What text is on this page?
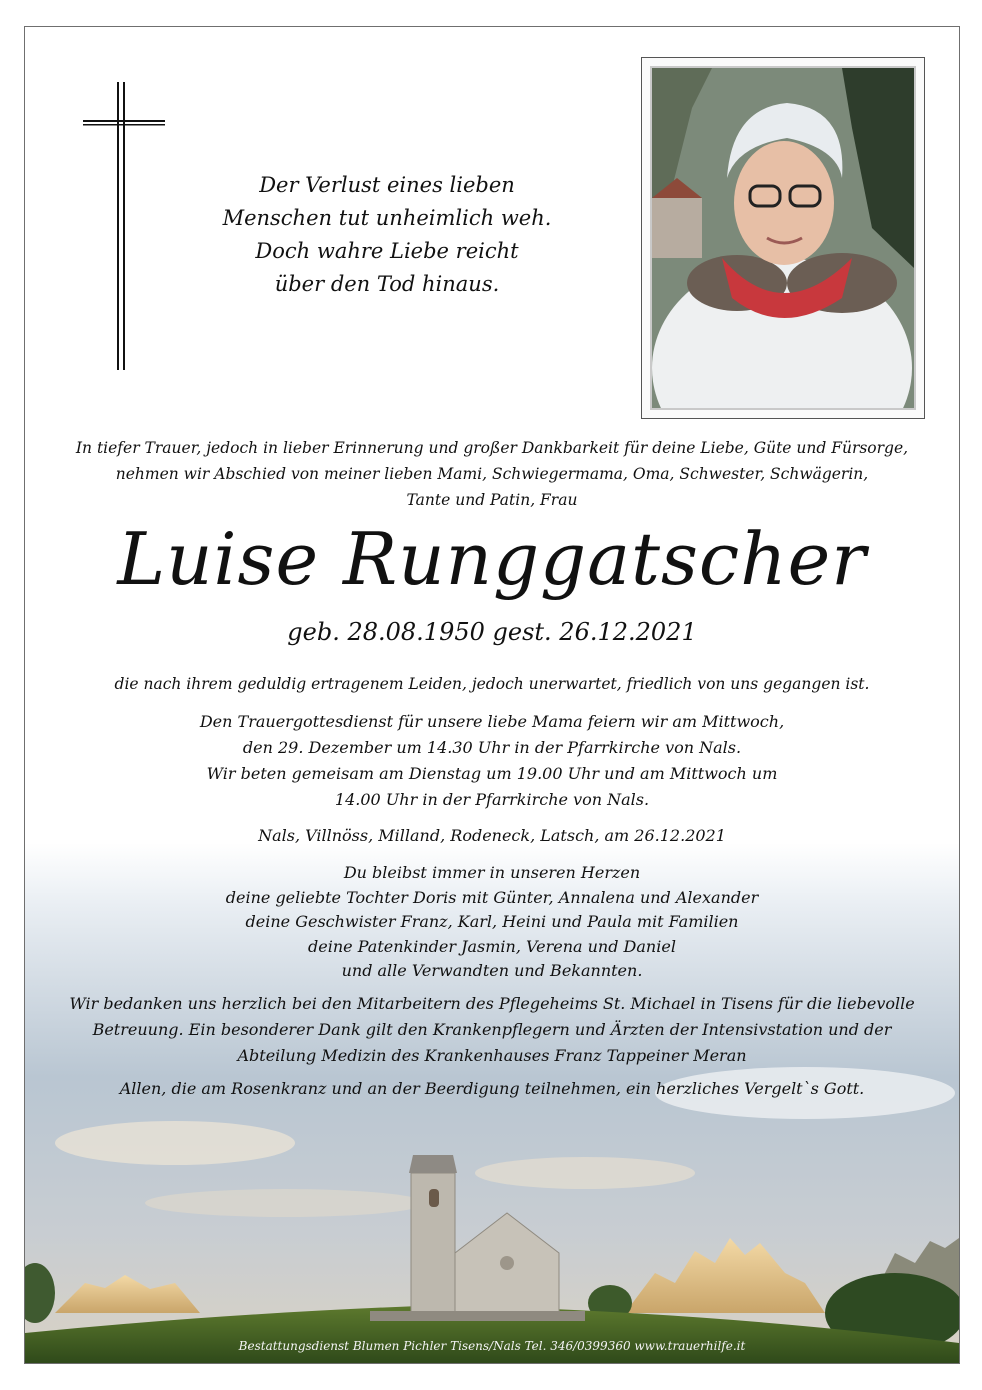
Der Verlust eines lieben
Menschen tut unheimlich weh.
Doch wahre Liebe reicht
über den Tod hinaus.
In tiefer Trauer, jedoch in lieber Erinnerung und großer Dankbarkeit für deine Liebe, Güte und Fürsorge,
nehmen wir Abschied von meiner lieben Mami, Schwiegermama, Oma, Schwester, Schwägerin,
Tante und Patin, Frau
Luise Runggatscher
geb. 28.08.1950 gest. 26.12.2021
die nach ihrem geduldig ertragenem Leiden, jedoch unerwartet, friedlich von uns gegangen ist.
Den Trauergottesdienst für unsere liebe Mama feiern wir am Mittwoch,
den 29. Dezember um 14.30 Uhr in der Pfarrkirche von Nals.
Wir beten gemeisam am Dienstag um 19.00 Uhr und am Mittwoch um
14.00 Uhr in der Pfarrkirche von Nals.
Nals, Villnöss, Milland, Rodeneck, Latsch, am 26.12.2021
Du bleibst immer in unseren Herzen
deine geliebte Tochter Doris mit Günter, Annalena und Alexander
deine Geschwister Franz, Karl, Heini und Paula mit Familien
deine Patenkinder Jasmin, Verena und Daniel
und alle Verwandten und Bekannten.
Wir bedanken uns herzlich bei den Mitarbeitern des Pflegeheims St. Michael in Tisens für die liebevolle
Betreuung. Ein besonderer Dank gilt den Krankenpflegern und Ärzten der Intensivstation und der
Abteilung Medizin des Krankenhauses Franz Tappeiner Meran
Allen, die am Rosenkranz und an der Beerdigung teilnehmen, ein herzliches Vergelt`s Gott.
Bestattungsdienst Blumen Pichler Tisens/Nals Tel. 346/0399360 www.trauerhilfe.it
